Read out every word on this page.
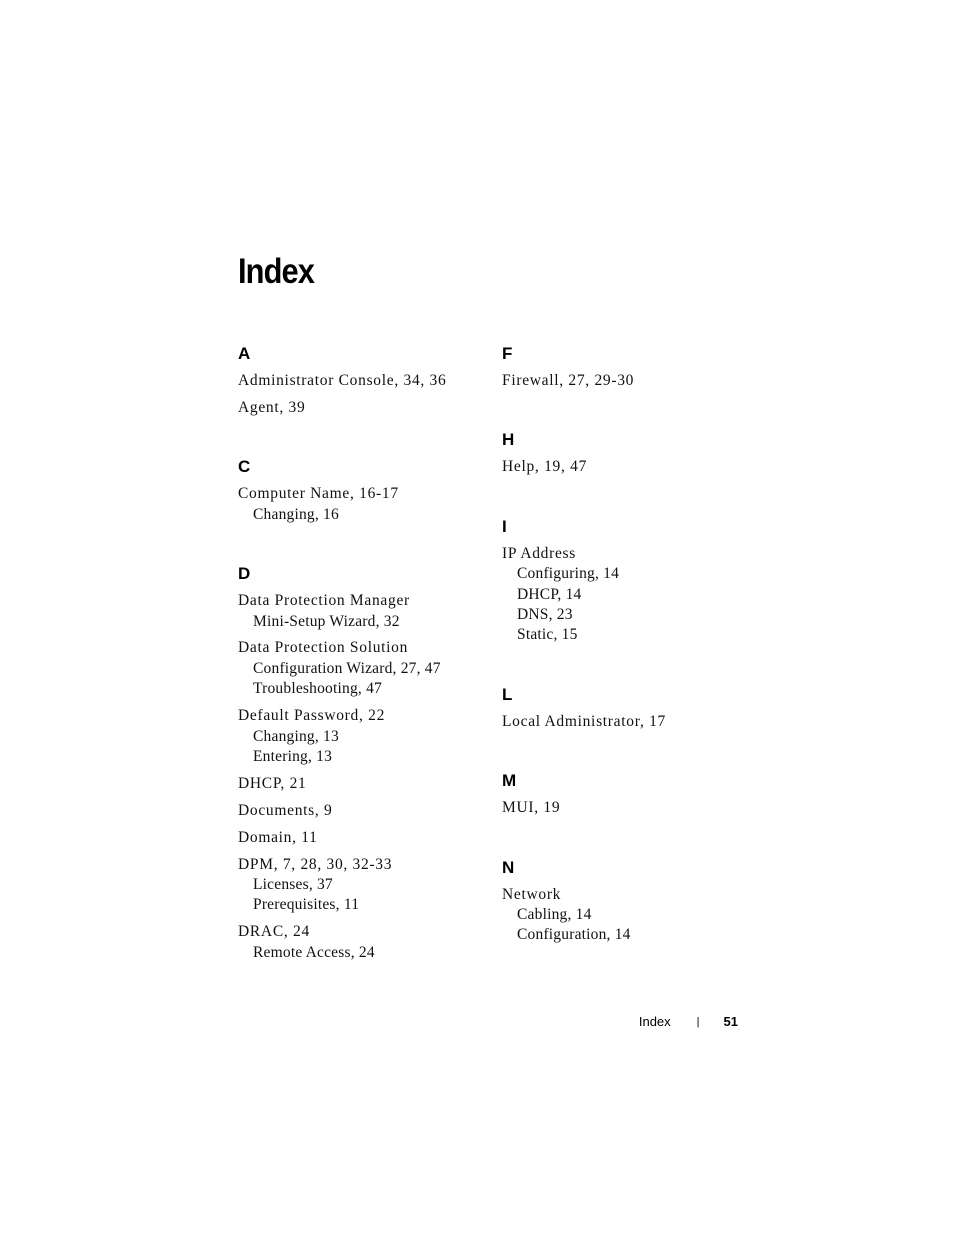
Index
A
Administrator Console, 34, 36
Agent, 39
C
Computer Name, 16-17
Changing, 16
D
Data Protection Manager
Mini-Setup Wizard, 32
Data Protection Solution
Configuration Wizard, 27, 47
Troubleshooting, 47
Default Password, 22
Changing, 13
Entering, 13
DHCP, 21
Documents, 9
Domain, 11
DPM, 7, 28, 30, 32-33
Licenses, 37
Prerequisites, 11
DRAC, 24
Remote Access, 24
F
Firewall, 27, 29-30
H
Help, 19, 47
I
IP Address
Configuring, 14
DHCP, 14
DNS, 23
Static, 15
L
Local Administrator, 17
M
MUI, 19
N
Network
Cabling, 14
Configuration, 14
Index | 51
